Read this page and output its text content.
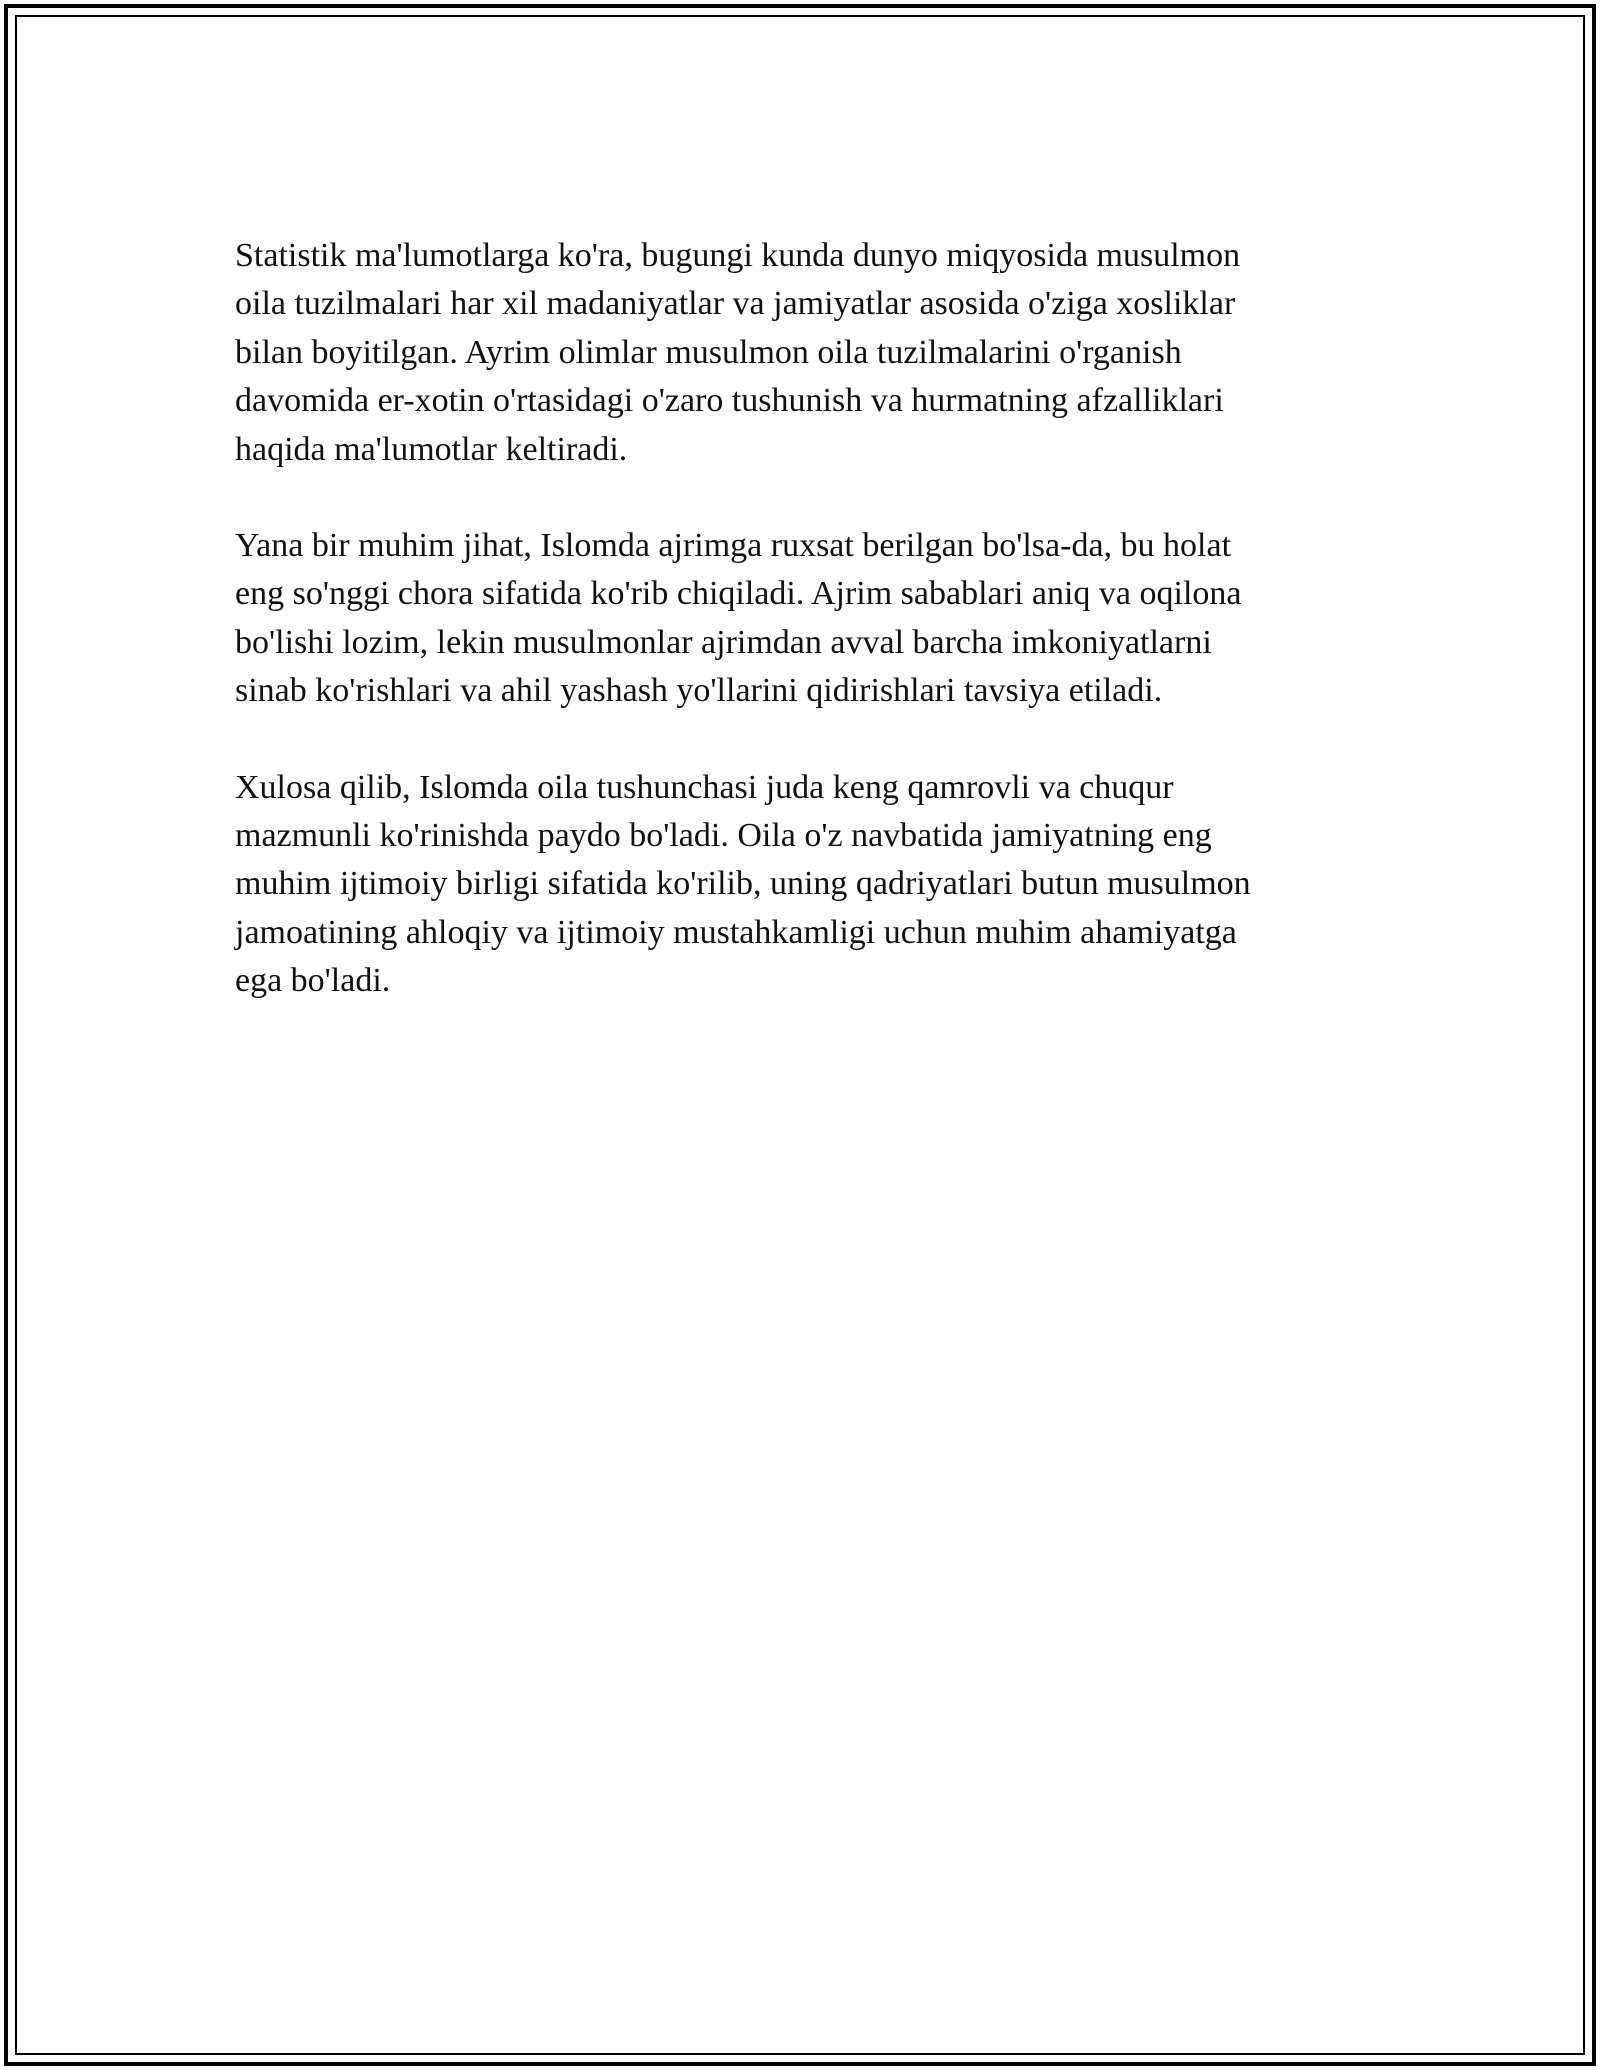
Statistik ma'lumotlarga ko'ra, bugungi kunda dunyo miqyosida musulmon
oila tuzilmalari har xil madaniyatlar va jamiyatlar asosida o'ziga xosliklar
bilan boyitilgan. Ayrim olimlar musulmon oila tuzilmalarini o'rganish
davomida er-xotin o'rtasidagi o'zaro tushunish va hurmatning afzalliklari
haqida ma'lumotlar keltiradi.

Yana bir muhim jihat, Islomda ajrimga ruxsat berilgan bo'lsa-da, bu holat
eng so'nggi chora sifatida ko'rib chiqiladi. Ajrim sabablari aniq va oqilona
bo'lishi lozim, lekin musulmonlar ajrimdan avval barcha imkoniyatlarni
sinab ko'rishlari va ahil yashash yo'llarini qidirishlari tavsiya etiladi.

Xulosa qilib, Islomda oila tushunchasi juda keng qamrovli va chuqur
mazmunli ko'rinishda paydo bo'ladi. Oila o'z navbatida jamiyatning eng
muhim ijtimoiy birligi sifatida ko'rilib, uning qadriyatlari butun musulmon
jamoatining ahloqiy va ijtimoiy mustahkamligi uchun muhim ahamiyatga
ega bo'ladi.
